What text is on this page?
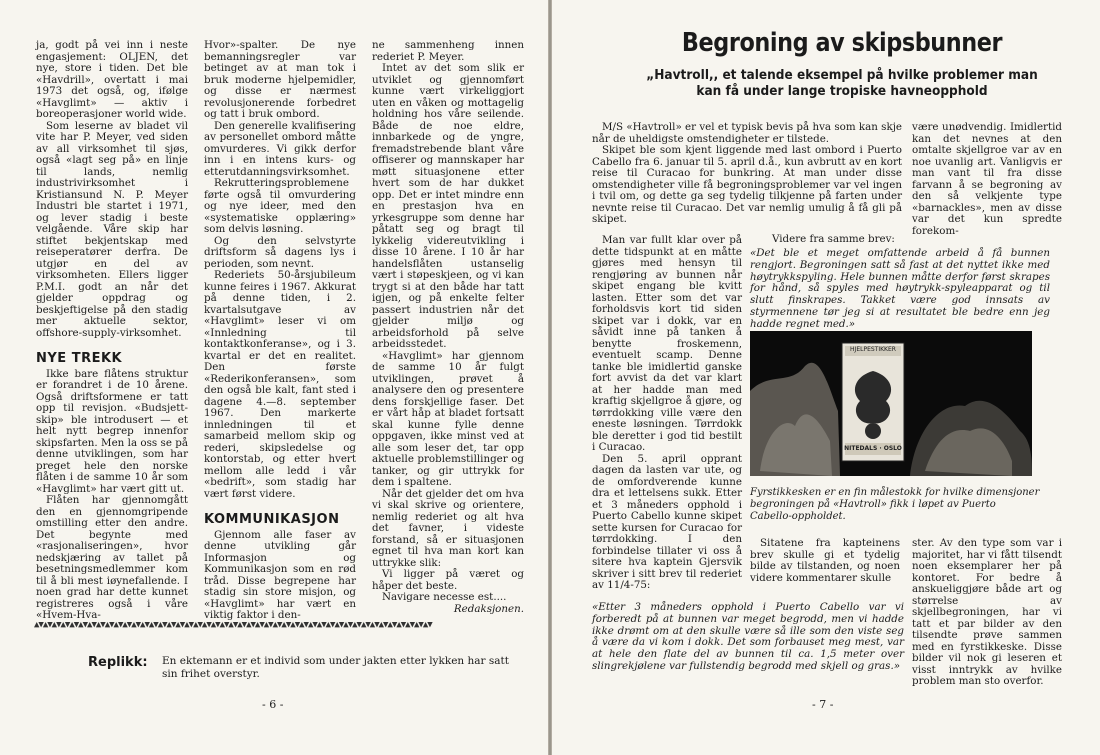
ja, godt på vei inn i neste engasjement: OLJEN, det nye, store i tiden. Det ble «Havdrill», overtatt i mai 1973 det også, og, ifølge «Havglimt» — aktiv i boreoperasjoner world wide.

Som leserne av bladet vil vite har P. Meyer, ved siden av all virksomhet til sjøs, også «lagt seg på» en linje til lands, nemlig industrivirksomhet i Kristiansund N. P. Meyer Industri ble startet i 1971, og lever stadig i beste velgående. Våre skip har stiftet bekjentskap med reiseperatører derfra. De utgjør en del av virksomheten. Ellers ligger P.M.I. godt an når det gjelder oppdrag og beskjeftigelse på den stadig mer aktuelle sektor, offshore-supply-virksomhet.

NYE TREKK

Ikke bare flåtens struktur er forandret i de 10 årene. Også driftsformene er tatt opp til revisjon. «Budsjett-skip» ble introdusert — et helt nytt begrep innenfor skipsfarten. Men la oss se på denne utviklingen, som har preget hele den norske flåten i de samme 10 år som «Havglimt» har vært gitt ut.

Flåten har gjennomgått den en gjennomgripende omstilling etter den andre. Det begynte med «rasjonaliseringen», hvor nedskjæring av tallet på besetningsmedlemmer kom til å bli mest iøynefallende. I noen grad har dette kunnet registreres også i våre «Hvem-Hva-

Hvor»-spalter. De nye bemanningsregler var betinget av at man tok i bruk moderne hjelpemidler, og disse er nærmest revolusjonerende forbedret og tatt i bruk ombord.

Den generelle kvalifisering av personellet ombord måtte omvurderes. Vi gikk derfor inn i en intens kurs- og etterutdanningsvirksomhet.

Rekrutteringsproblemene førte også til omvurdering og nye ideer, med den «systematiske opplæring» som delvis løsning.

Og den selvstyrte driftsform så dagens lys i perioden, som nevnt.

Rederiets 50-årsjubileum kunne feires i 1967. Akkurat på denne tiden, i 2. kvartalsutgave av «Havglimt» leser vi om «Innledning til kontaktkonferanse», og i 3. kvartal er det en realitet. Den første «Rederikonferansen», som den også ble kalt, fant sted i dagene 4.—8. september 1967. Den markerte innledningen til et samarbeid mellom skip og rederi, skipsledelse og kontorstab, og etter hvert mellom alle ledd i vår «bedrift», som stadig har vært først videre.

KOMMUNIKASJON

Gjennom alle faser av denne utvikling går Informasjon og Kommunikasjon som en rød tråd. Disse begrepene har stadig sin store misjon, og «Havglimt» har vært en viktig faktor i den-

ne sammenheng innen rederiet P. Meyer.

Intet av det som slik er utviklet og gjennomført kunne vært virkeliggjort uten en våken og mottagelig holdning hos våre seilende. Både de noe eldre, innbarkede og de yngre, fremadstrebende blant våre offiserer og mannskaper har møtt situasjonene etter hvert som de har dukket opp. Det er intet mindre enn en prestasjon hva en yrkesgruppe som denne har påtatt seg og bragt til lykkelig videreutvikling i disse 10 årene. I 10 år har handelsflåten ustanselig vært i støpeskjeen, og vi kan trygt si at den både har tatt igjen, og på enkelte felter passert industrien når det gjelder miljø og arbeidsforhold på selve arbeidsstedet.

«Havglimt» har gjennom de samme 10 år fulgt utviklingen, prøvet å analysere den og presentere dens forskjellige faser. Det er vårt håp at bladet fortsatt skal kunne fylle denne oppgaven, ikke minst ved at alle som leser det, tar opp aktuelle problemstillinger og tanker, og gir uttrykk for dem i spaltene.

Når det gjelder det om hva vi skal skrive og orientere, nemlig rederiet og alt hva det favner, i videste forstand, så er situasjonen egnet til hva man kort kan uttrykke slik:

Vi ligger på været og håper det beste.

Navigare necesse est....

Redaksjonen.
▲▼▲▼▲▼▲▼▲▼▲▼▲▼▲▼▲▼▲▼▲▼▲▼▲▼▲▼▲▼▲▼▲▼▲▼▲▼▲▼▲▼▲▼▲▼▲▼▲▼▲▼▲▼▲▼▲▼▲▼▲▼▲▼▲▼▲▼▲▼▲▼▲▼▲▼▲▼▲▼▲▼▲▼▲▼▲▼▲▼
Replikk: En ektemann er et individ som under jakten etter lykken har satt sin frihet overstyr.
- 6 -
Begroning av skipsbunner
„Havtroll,, et talende eksempel på hvilke problemer man kan få under lange tropiske havneopphold

M/S «Havtroll» er vel et typisk bevis på hva som kan skje når de uheldigste omstendigheter er tilstede.

Skipet ble som kjent liggende med last ombord i Puerto Cabello fra 6. januar til 5. april d.å., kun avbrutt av en kort reise til Curacao for bunkring. At man under disse omstendigheter ville få begroningsproblemer var vel ingen i tvil om, og dette ga seg tydelig tilkjenne på farten under nevnte reise til Curacao. Det var nemlig umulig å få gli på skipet.

være unødvendig. Imidlertid kan det nevnes at den omtalte skjellgroe var av en noe uvanlig art. Vanligvis er man vant til fra disse farvann å se begroning av den så velkjente type «barnackles», men av disse var det kun spredte forekom-

Man var fullt klar over på dette tidspunkt at en måtte gjøres med hensyn til rengjøring av bunnen når skipet engang ble kvitt lasten. Etter som det var forholdsvis kort tid siden skipet var i dokk, var en såvidt inne på tanken å benytte froskemenn, eventuelt scamp. Denne tanke ble imidlertid ganske fort avvist da det var klart at her hadde man med kraftig skjellgroe å gjøre, og tørrdokking ville være den eneste løsningen. Tørrdokk ble deretter i god tid bestilt i Curacao.

Den 5. april opprant dagen da lasten var ute, og de omfordverende kunne dra et lettelsens sukk. Etter et 3 måneders opphold i Puerto Cabello kunne skipet sette kursen for Curacao for tørrdokking. I den forbindelse tillater vi oss å sitere hva kaptein Gjersvik skriver i sitt brev til rederiet av 11/4-75:

Videre fra samme brev:
«Det ble et meget omfattende arbeid å få bunnen rengjort. Begroningen satt så fast at det nyttet ikke med høytrykkspyling. Hele bunnen måtte derfor først skrapes for hånd, så spyles med høytrykk-spyleapparat og til slutt finskrapes. Takket være god innsats av styrmennene tør jeg si at resultatet ble bedre enn jeg hadde regnet med.»
HJELPESTIKKER
NITEDALS · OSLO
Fyrstikkesken er en fin målestokk for hvilke dimensjoner begroningen på «Havtroll» fikk i løpet av Puerto Cabello-oppholdet.

Sitatene fra kapteinens brev skulle gi et tydelig bilde av tilstanden, og noen videre kommentarer skulle

ster. Av den type som var i majoritet, har vi fått tilsendt noen eksemplarer her på kontoret. For bedre å anskueliggjøre både art og størrelse av skjellbegroningen, har vi tatt et par bilder av den tilsendte prøve sammen med en fyrstikkeske. Disse bilder vil nok gi leseren et visst inntrykk av hvilke problem man sto overfor.

«Etter 3 måneders opphold i Puerto Cabello var vi forberedt på at bunnen var meget begrodd, men vi hadde ikke drømt om at den skulle være så ille som den viste seg å være da vi kom i dokk. Det som forbauset meg mest, var at hele den flate del av bunnen til ca. 1,5 meter over slingrekjølene var fullstendig begrodd med skjell og gras.»
- 7 -
